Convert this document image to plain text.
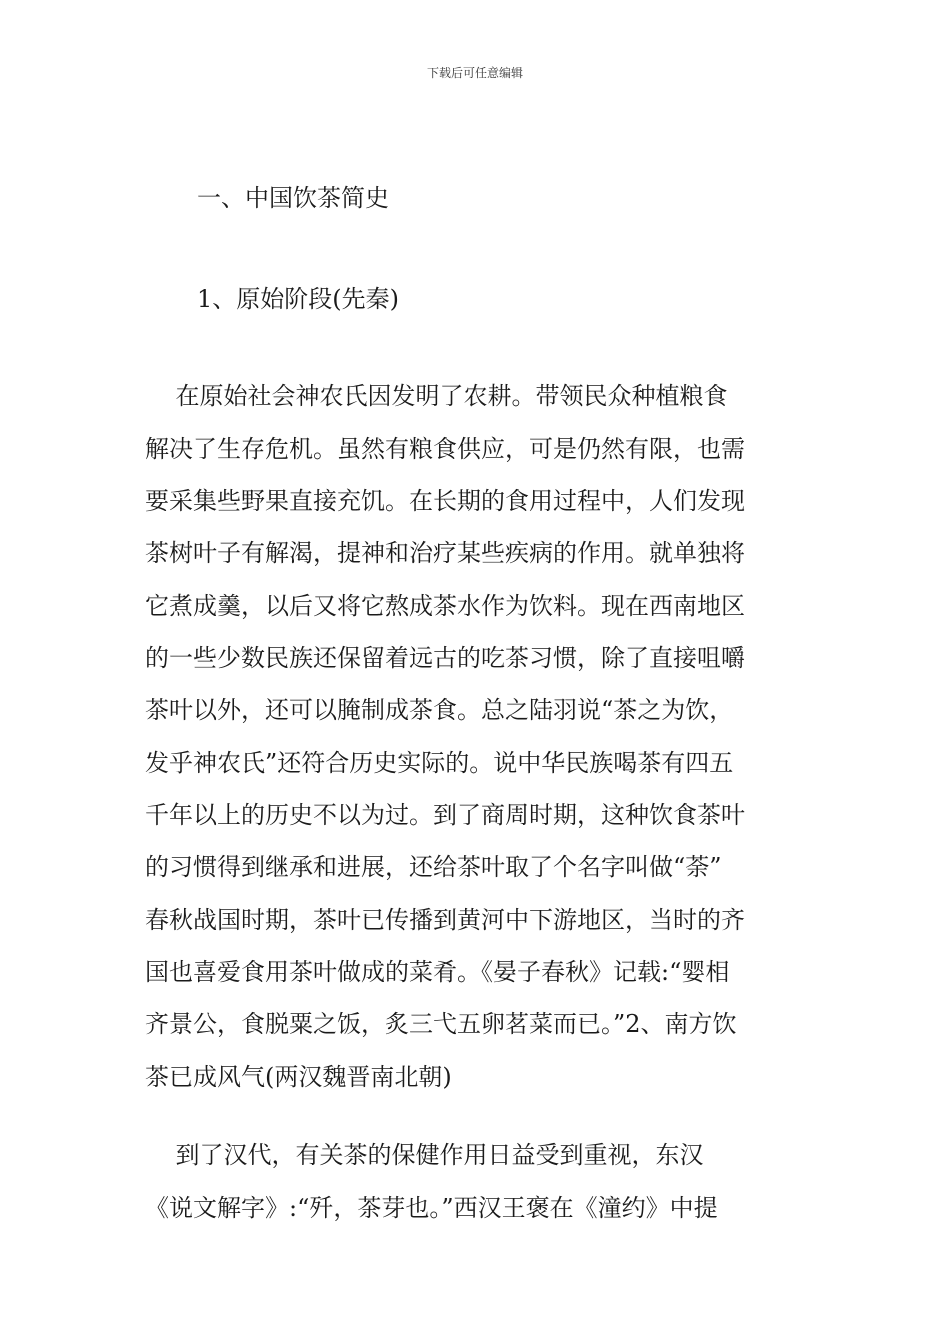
下载后可任意编辑
一、中国饮茶简史
1、原始阶段(先秦)
在原始社会神农氏因发明了农耕。带领民众种植粮食
解决了生存危机。虽然有粮食供应，可是仍然有限，也需
要采集些野果直接充饥。在长期的食用过程中，人们发现
茶树叶子有解渴，提神和治疗某些疾病的作用。就单独将
它煮成羹，以后又将它熬成茶水作为饮料。现在西南地区
的一些少数民族还保留着远古的吃茶习惯，除了直接咀嚼
茶叶以外，还可以腌制成茶食。总之陆羽说“茶之为饮，
发乎神农氏”还符合历史实际的。说中华民族喝茶有四五
千年以上的历史不以为过。到了商周时期，这种饮食茶叶
的习惯得到继承和进展，还给茶叶取了个名字叫做“荼”
春秋战国时期，茶叶已传播到黄河中下游地区，当时的齐
国也喜爱食用茶叶做成的菜肴。《晏子春秋》记载:“婴相
齐景公，食脱粟之饭，炙三弋五卵茗菜而已。”2、南方饮
茶已成风气(两汉魏晋南北朝)
到了汉代，有关茶的保健作用日益受到重视，东汉
《说文解字》:“歼，茶芽也。”西汉王褒在《潼约》中提
